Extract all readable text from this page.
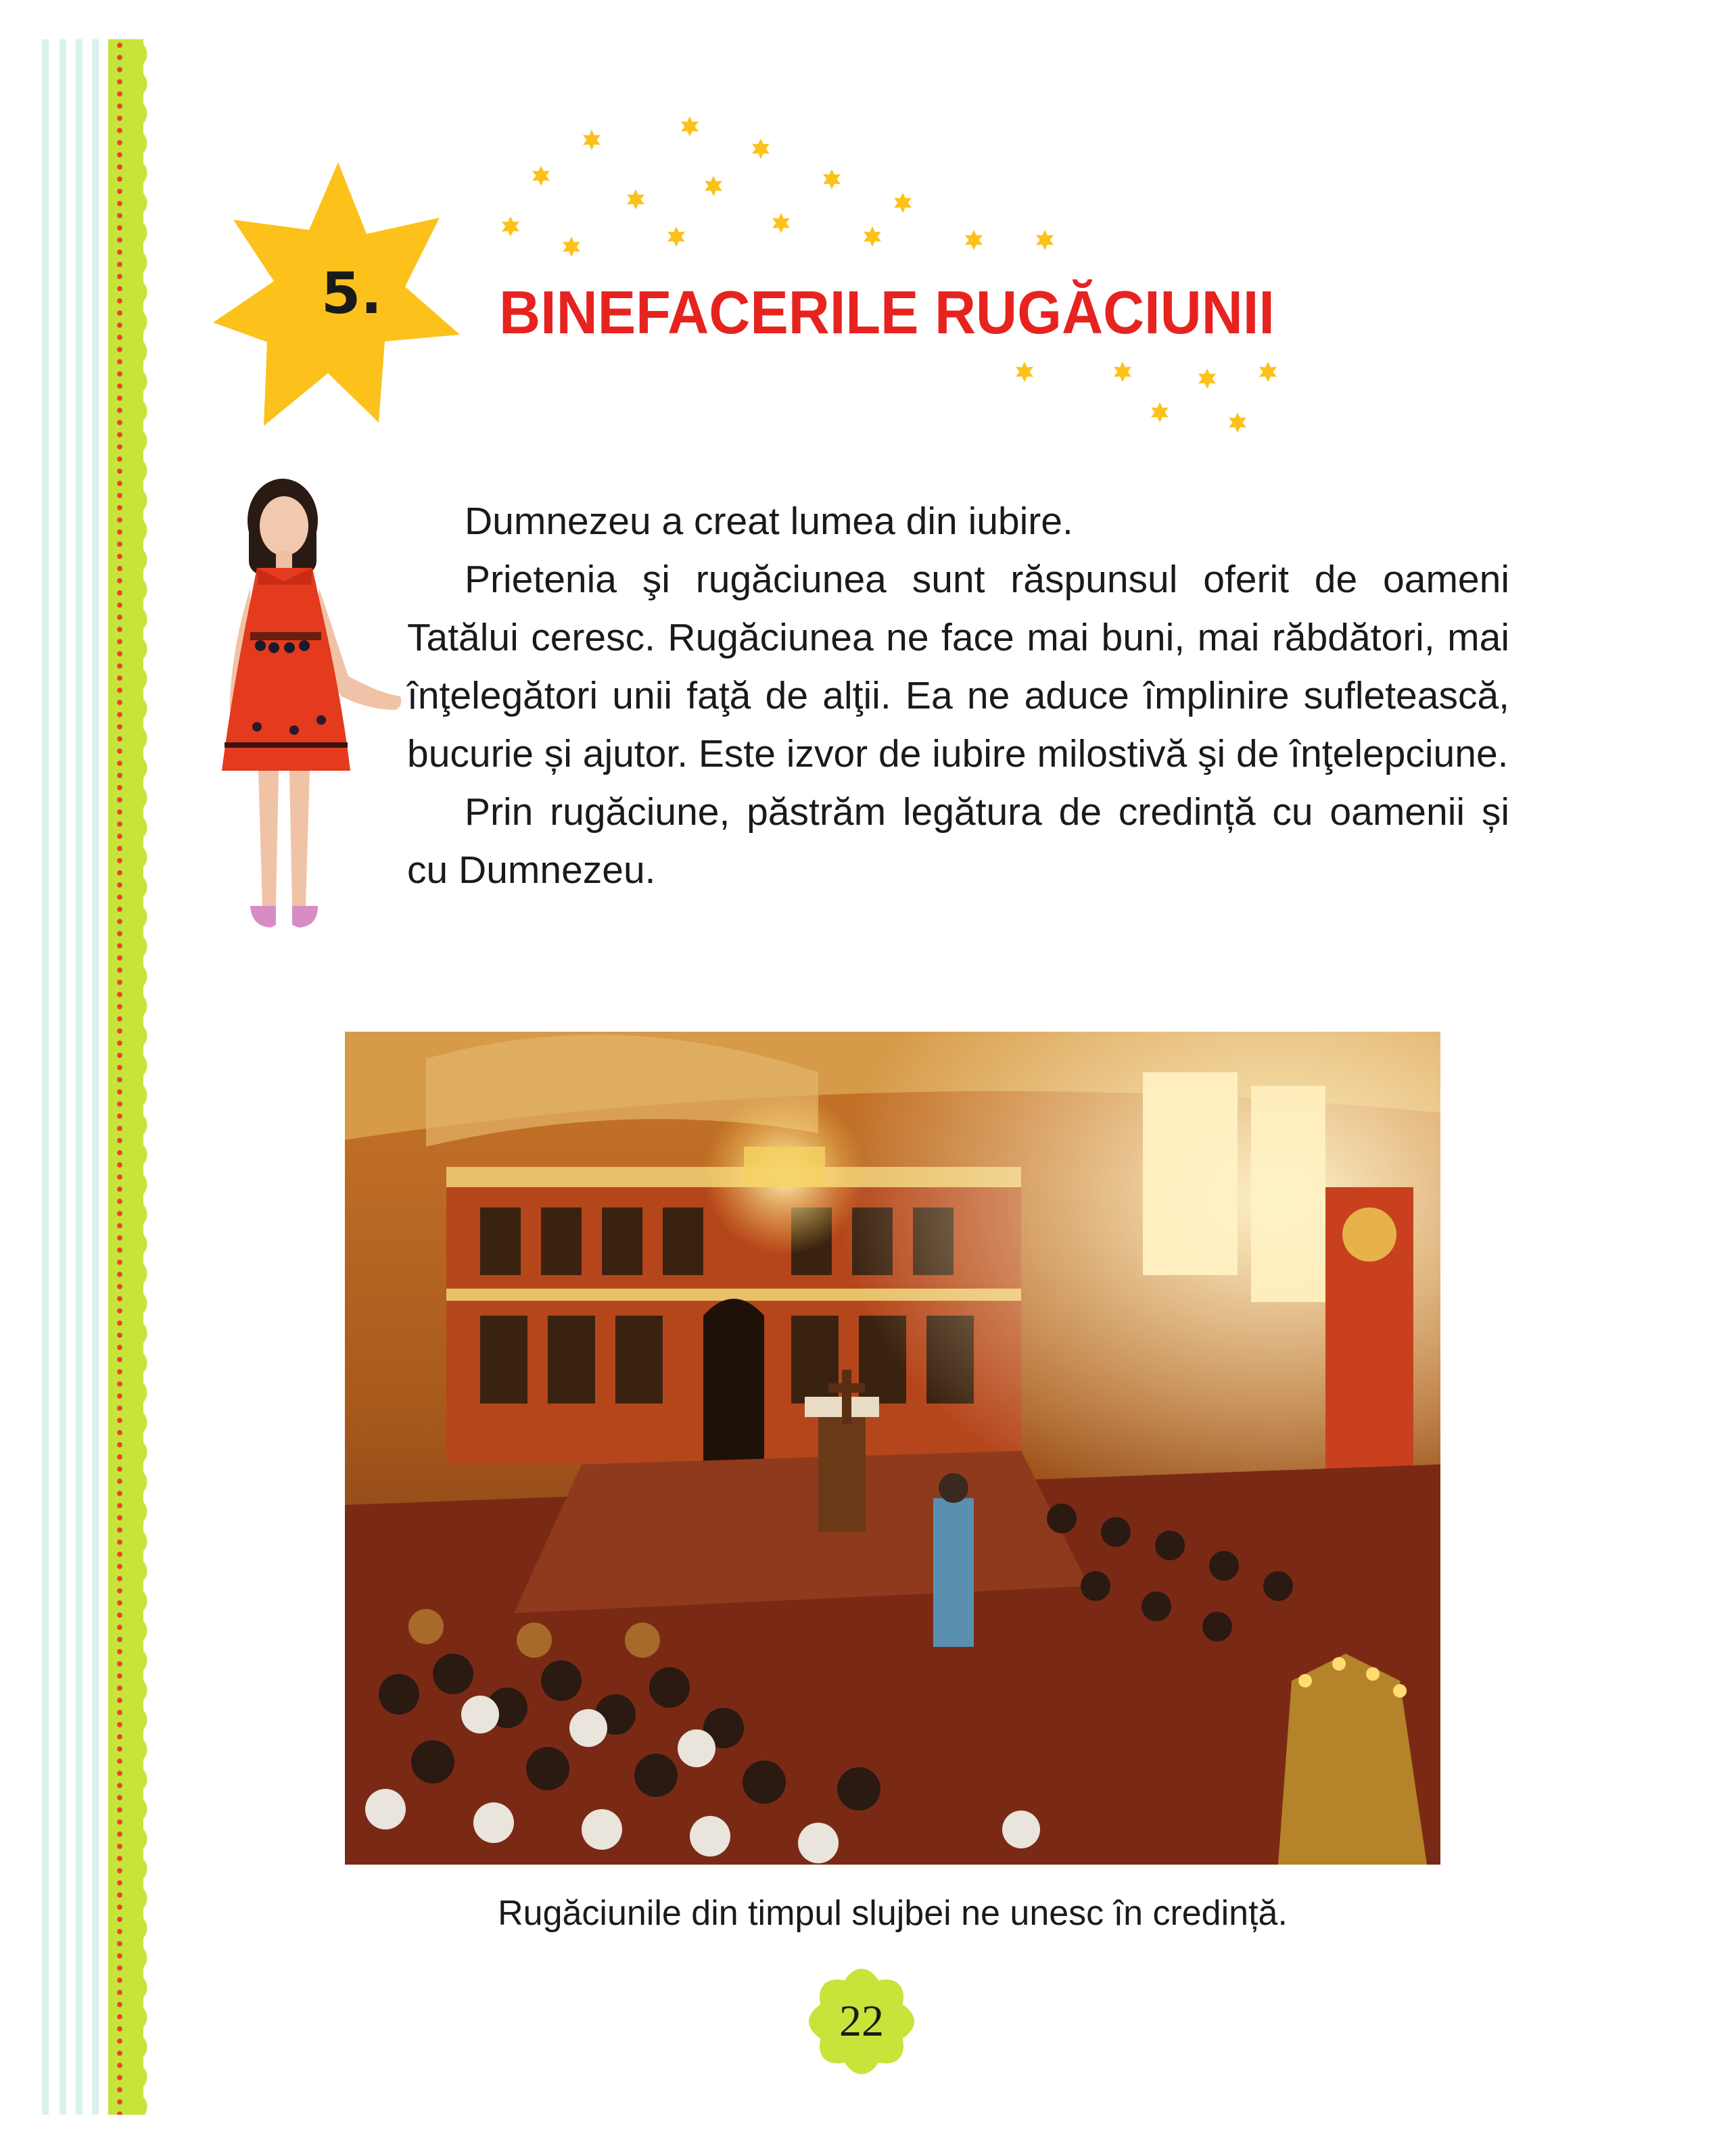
5.	BINEFACERILE RUGĂCIUNII

Dumnezeu a creat lumea din iubire.

Prietenia şi rugăciunea sunt răspunsul oferit de oameni Tatălui ceresc. Rugăciunea ne face mai buni, mai răbdători, mai înţelegători unii faţă de alţii. Ea ne aduce împlinire sufletească, bucurie și ajutor. Este izvor de iubire milostivă şi de înţelepciune.

Prin rugăciune, păstrăm legătura de credință cu oamenii și cu Dumnezeu.

Rugăciunile din timpul slujbei ne unesc în credință.
22
